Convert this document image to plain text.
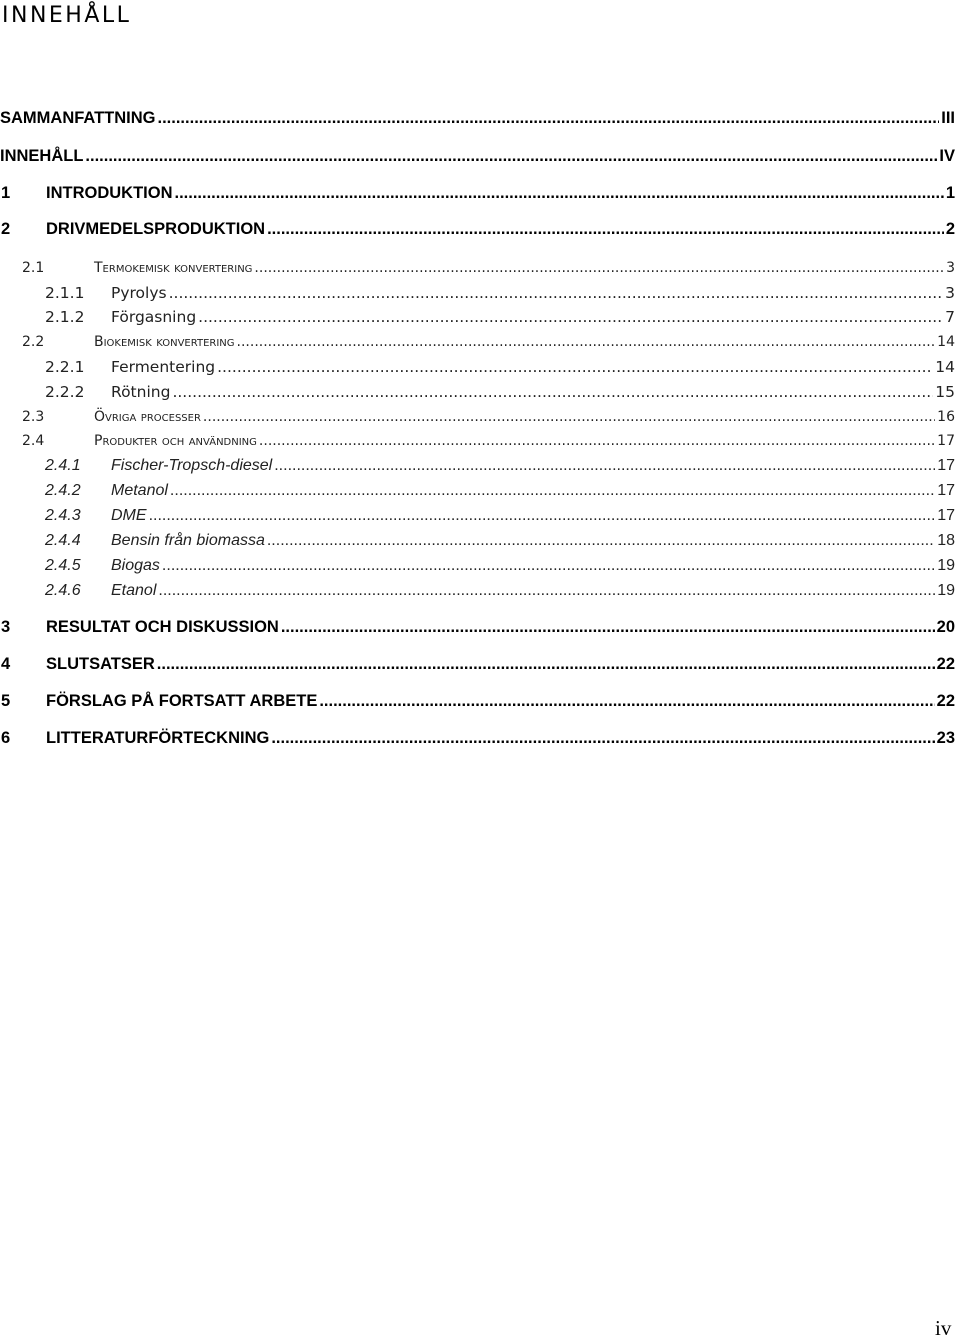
INNEHÅLL
SAMMANFATTNING .....	III
INNEHÅLL .....	IV
1	INTRODUKTION .....	1
2	DRIVMEDELSPRODUKTION .....	2
2.1	Termokemisk konvertering .....	3
2.1.1	Pyrolys .....	3
2.1.2	Förgasning .....	7
2.2	Biokemisk konvertering .....	14
2.2.1	Fermentering .....	14
2.2.2	Rötning .....	15
2.3	Övriga processer .....	16
2.4	Produkter och användning .....	17
2.4.1	Fischer-Tropsch-diesel .....	17
2.4.2	Metanol .....	17
2.4.3	DME .....	17
2.4.4	Bensin från biomassa .....	18
2.4.5	Biogas .....	19
2.4.6	Etanol .....	19
3	RESULTAT OCH DISKUSSION .....	20
4	SLUTSATSER .....	22
5	FÖRSLAG PÅ FORTSATT ARBETE .....	22
6	LITTERATURFÖRTECKNING .....	23
iv
